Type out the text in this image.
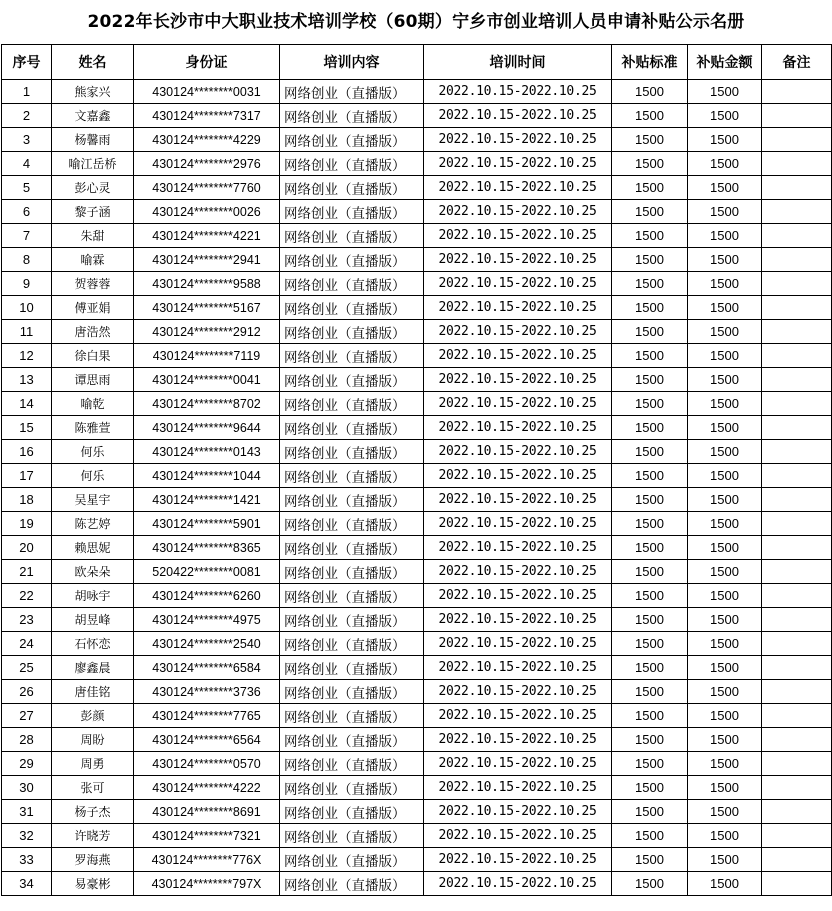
2022年长沙市中大职业技术培训学校（60期）宁乡市创业培训人员申请补贴公示名册
序号	姓名	身份证	培训内容	培训时间	补贴标准	补贴金额	备注
1	熊家兴	430124********0031	网络创业（直播版）	2022.10.15-2022.10.25	1500	1500	
2	文嘉鑫	430124********7317	网络创业（直播版）	2022.10.15-2022.10.25	1500	1500	
3	杨馨雨	430124********4229	网络创业（直播版）	2022.10.15-2022.10.25	1500	1500	
4	喻江岳桥	430124********2976	网络创业（直播版）	2022.10.15-2022.10.25	1500	1500	
5	彭心灵	430124********7760	网络创业（直播版）	2022.10.15-2022.10.25	1500	1500	
6	黎子涵	430124********0026	网络创业（直播版）	2022.10.15-2022.10.25	1500	1500	
7	朱甜	430124********4221	网络创业（直播版）	2022.10.15-2022.10.25	1500	1500	
8	喻霖	430124********2941	网络创业（直播版）	2022.10.15-2022.10.25	1500	1500	
9	贺蓉蓉	430124********9588	网络创业（直播版）	2022.10.15-2022.10.25	1500	1500	
10	傅亚娟	430124********5167	网络创业（直播版）	2022.10.15-2022.10.25	1500	1500	
11	唐浩然	430124********2912	网络创业（直播版）	2022.10.15-2022.10.25	1500	1500	
12	徐白果	430124********7119	网络创业（直播版）	2022.10.15-2022.10.25	1500	1500	
13	谭思雨	430124********0041	网络创业（直播版）	2022.10.15-2022.10.25	1500	1500	
14	喻乾	430124********8702	网络创业（直播版）	2022.10.15-2022.10.25	1500	1500	
15	陈雅萱	430124********9644	网络创业（直播版）	2022.10.15-2022.10.25	1500	1500	
16	何乐	430124********0143	网络创业（直播版）	2022.10.15-2022.10.25	1500	1500	
17	何乐	430124********1044	网络创业（直播版）	2022.10.15-2022.10.25	1500	1500	
18	吴星宇	430124********1421	网络创业（直播版）	2022.10.15-2022.10.25	1500	1500	
19	陈艺婷	430124********5901	网络创业（直播版）	2022.10.15-2022.10.25	1500	1500	
20	赖思妮	430124********8365	网络创业（直播版）	2022.10.15-2022.10.25	1500	1500	
21	欧朵朵	520422********0081	网络创业（直播版）	2022.10.15-2022.10.25	1500	1500	
22	胡咏宇	430124********6260	网络创业（直播版）	2022.10.15-2022.10.25	1500	1500	
23	胡昱峰	430124********4975	网络创业（直播版）	2022.10.15-2022.10.25	1500	1500	
24	石怀恋	430124********2540	网络创业（直播版）	2022.10.15-2022.10.25	1500	1500	
25	廖鑫晨	430124********6584	网络创业（直播版）	2022.10.15-2022.10.25	1500	1500	
26	唐佳铭	430124********3736	网络创业（直播版）	2022.10.15-2022.10.25	1500	1500	
27	彭颜	430124********7765	网络创业（直播版）	2022.10.15-2022.10.25	1500	1500	
28	周盼	430124********6564	网络创业（直播版）	2022.10.15-2022.10.25	1500	1500	
29	周勇	430124********0570	网络创业（直播版）	2022.10.15-2022.10.25	1500	1500	
30	张可	430124********4222	网络创业（直播版）	2022.10.15-2022.10.25	1500	1500	
31	杨子杰	430124********8691	网络创业（直播版）	2022.10.15-2022.10.25	1500	1500	
32	许晓芳	430124********7321	网络创业（直播版）	2022.10.15-2022.10.25	1500	1500	
33	罗海燕	430124********776X	网络创业（直播版）	2022.10.15-2022.10.25	1500	1500	
34	易豪彬	430124********797X	网络创业（直播版）	2022.10.15-2022.10.25	1500	1500	
